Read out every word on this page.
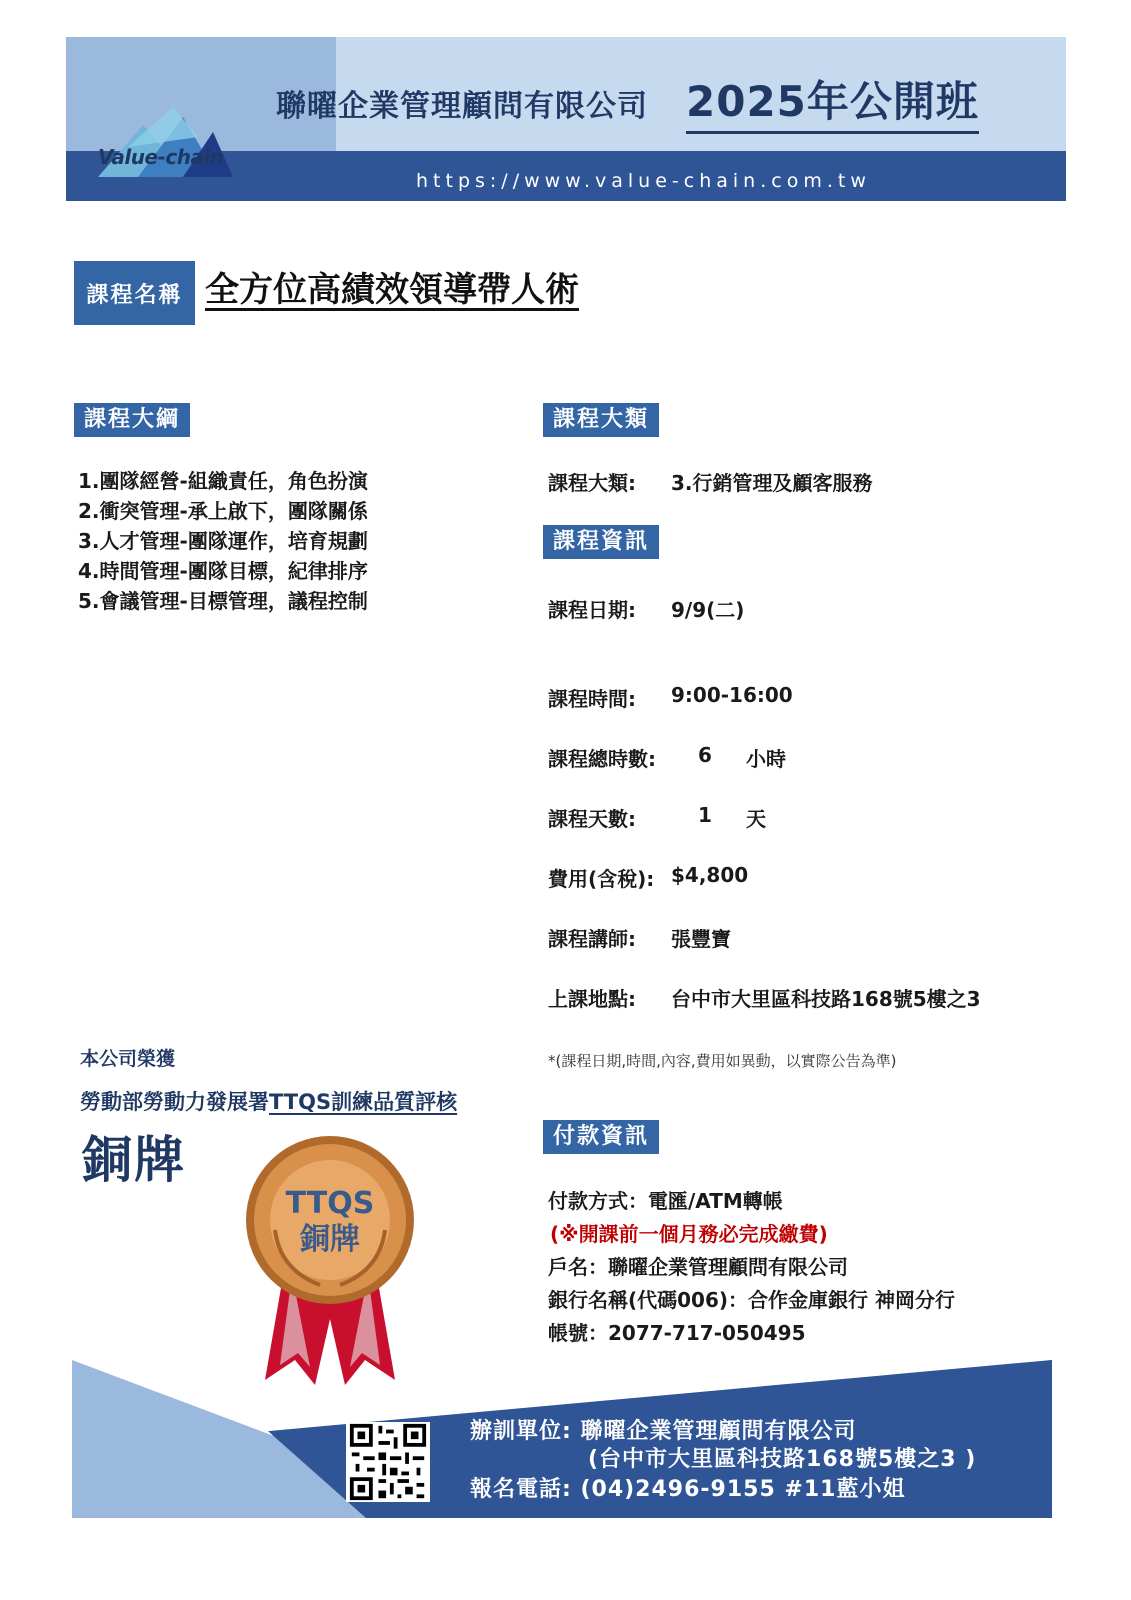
Value-chain
聯曜企業管理顧問有限公司 2025年公開班
https://www.value-chain.com.tw
課程名稱 全方位高績效領導帶人術
課程大綱
1.團隊經營-組織責任，角色扮演
2.衝突管理-承上啟下，團隊關係
3.人才管理-團隊運作，培育規劃
4.時間管理-團隊目標，紀律排序
5.會議管理-目標管理，議程控制
課程大類
課程大類: 3.行銷管理及顧客服務
課程資訊
課程日期: 9/9(二)
課程時間: 9:00-16:00
課程總時數: 6 小時
課程天數:	1 天
費用(含稅): $4,800
課程講師: 張豐寶
上課地點: 台中市大里區科技路168號5樓之3
*(課程日期,時間,內容,費用如異動，以實際公告為準)
本公司榮獲
勞動部勞動力發展署TTQS訓練品質評核
銅牌
TTQS
銅牌
付款資訊
付款方式：電匯/ATM轉帳
(※開課前一個月務必完成繳費)
戶名：聯曜企業管理顧問有限公司
銀行名稱(代碼006)：合作金庫銀行 神岡分行
帳號：2077-717-050495
辦訓單位: 聯曜企業管理顧問有限公司
(台中市大里區科技路168號5樓之3 )
報名電話: (04)2496-9155 #11藍小姐
